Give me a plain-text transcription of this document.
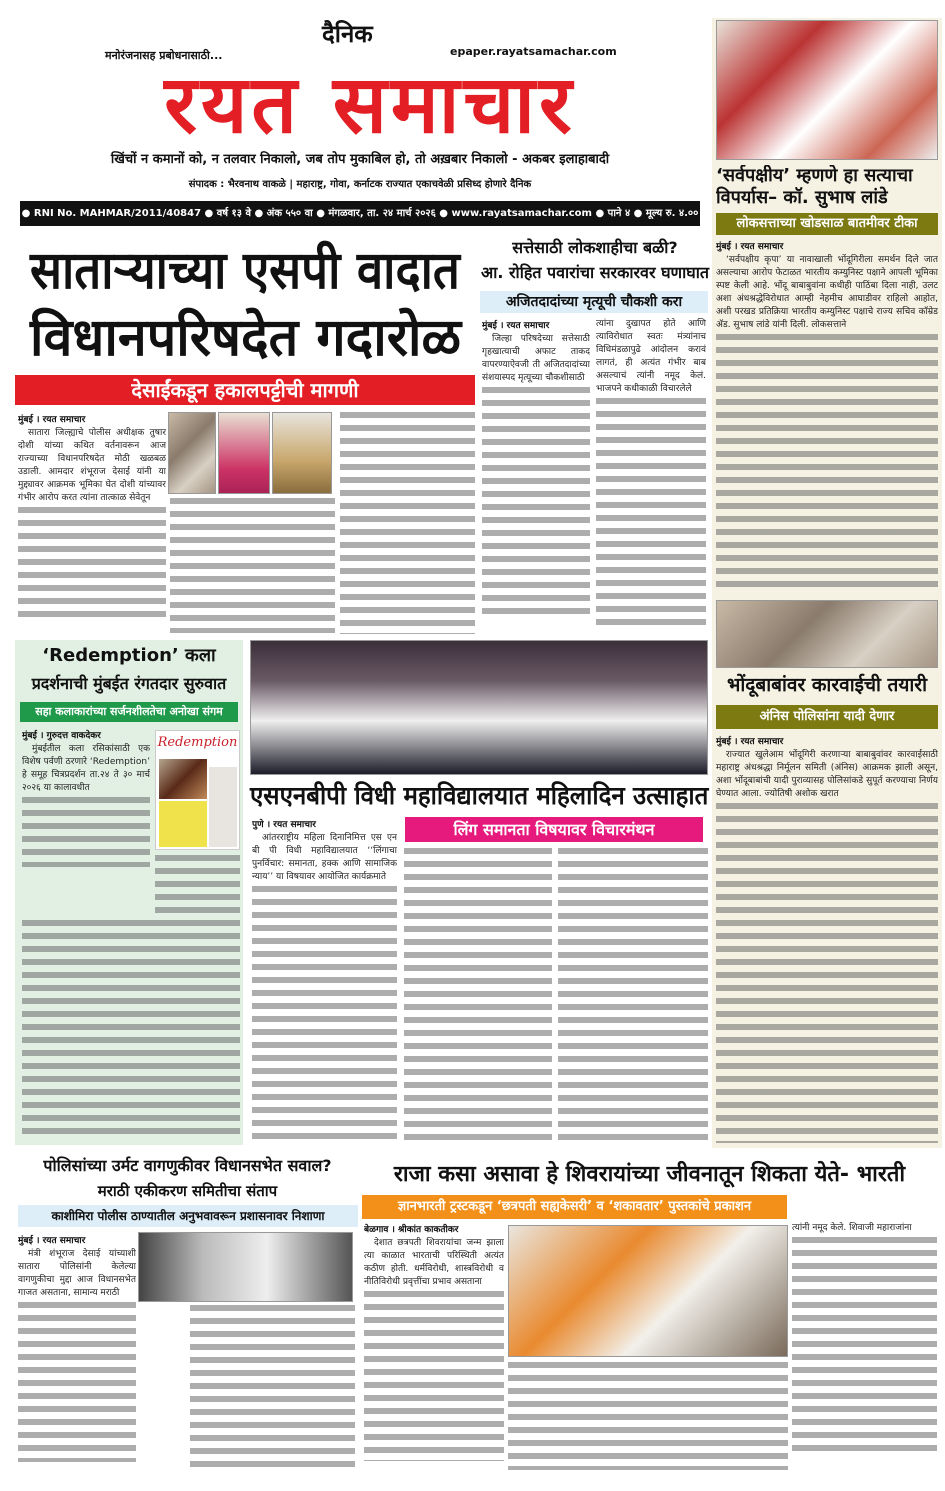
दैनिक
मनोरंजनासह प्रबोधनासाठी...	epaper.rayatsamachar.com
रयत समाचार
खिंचों न कमानों को, न तलवार निकालो, जब तोप मुकाबिल हो, तो अख़बार निकालो - अकबर इलाहाबादी
संपादक : भैरवनाथ वाकळे | महाराष्ट्र, गोवा, कर्नाटक राज्यात एकाचवेळी प्रसिध्द होणारे दैनिक
● RNI No. MAHMAR/2011/40847 ● वर्ष १३ वे ● अंक ५५० वा ● मंगळवार, ता. २४ मार्च २०२६ ● www.rayatsamachar.com ● पाने ४ ● मूल्य रु. ४.००
‘सर्वपक्षीय’ म्हणणे हा सत्याचा विपर्यास– कॉ. सुभाष लांडे
लोकसत्ताच्या खोडसाळ बातमीवर टीका
मुंबई । रयत समाचार
‘सर्वपक्षीय कृपा’ या नावाखाली भोंदूगिरीला समर्थन दिले जात असल्याचा आरोप फेटाळत भारतीय कम्युनिस्ट पक्षाने आपली भूमिका स्पष्ट केली आहे. भोंदू बाबाबुवांना कधीही पाठिंबा दिला नाही, उलट अशा अंधश्रद्धेविरोधात आम्ही नेहमीच आघाडीवर राहिलो आहोत, अशी परखड प्रतिक्रिया भारतीय कम्युनिस्ट पक्षाचे राज्य सचिव कॉम्रेड ॲड. सुभाष लांडे यांनी दिली. लोकसत्ताने
भोंदूबाबांवर कारवाईची तयारी
अंनिस पोलिसांना यादी देणार
मुंबई । रयत समाचार
राज्यात खुलेआम भोंदूगिरी करणाऱ्या बाबाबुवांवर कारवाईसाठी महाराष्ट्र अंधश्रद्धा निर्मूलन समिती (अंनिस) आक्रमक झाली असून, अशा भोंदूबाबांची यादी पुराव्यासह पोलिसांकडे सुपूर्त करण्याचा निर्णय घेण्यात आला. ज्योतिषी अशोक खरात
साताऱ्याच्या एसपी वादात
विधानपरिषदेत गदारोळ
देसाईंकडून हकालपट्टीची मागणी
मुंबई । रयत समाचार
सातारा जिल्ह्याचे पोलीस अधीक्षक तुषार दोशी यांच्या कथित वर्तनावरून आज राज्याच्या विधानपरिषदेत मोठी खळबळ उडाली. आमदार शंभूराज देसाई यांनी या मुद्द्यावर आक्रमक भूमिका घेत दोशी यांच्यावर गंभीर आरोप करत त्यांना तात्काळ सेवेतून
सत्तेसाठी लोकशाहीचा बळी?
आ. रोहित पवारांचा सरकारवर घणाघात
अजितदादांच्या मृत्यूची चौकशी करा
मुंबई । रयत समाचार
जिल्हा परिषदेच्या सत्तेसाठी गृहखात्याची अफाट ताकद वापरण्याऐवजी ती अजितदादांच्या संशयास्पद मृत्यूच्या चौकशीसाठी
त्यांना दुखापत होते आणि त्याविरोधात स्वतः मंत्र्यांनाच विधिमंडळापुढे आंदोलन करावं लागतं, ही अत्यंत गंभीर बाब असल्याचं त्यांनी नमूद केलं. भाजपने कधीकाळी विचारलेले
‘Redemption’ कला
प्रदर्शनाची मुंबईत रंगतदार सुरुवात
सहा कलाकारांच्या सर्जनशीलतेचा अनोखा संगम
मुंबई । गुरुदत्त वाकदेकर
मुंबईतील कला रसिकांसाठी एक विशेष पर्वणी ठरणारे ‘Redemption’ हे समूह चित्रप्रदर्शन ता.२४ ते ३० मार्च २०२६ या कालावधीत
Redemption
एसएनबीपी विधी महाविद्यालयात महिलादिन उत्साहात
लिंग समानता विषयावर विचारमंथन
पुणे । रयत समाचार
आंतरराष्ट्रीय महिला दिनानिमित्त एस एन बी पी विधी महाविद्यालयात ‘‘लिंगाचा पुनर्विचार: समानता, हक्क आणि सामाजिक न्याय’’ या विषयावर आयोजित कार्यक्रमाते
पोलिसांच्या उर्मट वागणुकीवर विधानसभेत सवाल?
मराठी एकीकरण समितीचा संताप
काशीमिरा पोलीस ठाण्यातील अनुभवावरून प्रशासनावर निशाणा
मुंबई । रयत समाचार
मंत्री शंभूराज देसाई यांच्याशी सातारा पोलिसांनी केलेल्या वागणुकीचा मुद्दा आज विधानसभेत गाजत असताना, सामान्य मराठी
राजा कसा असावा हे शिवरायांच्या जीवनातून शिकता येते- भारती
ज्ञानभारती ट्रस्टकडून ‘छत्रपती सह्यकेसरी’ व ‘शकावतार’ पुस्तकांचे प्रकाशन
बेळगाव । श्रीकांत काकतीकर
देशात छत्रपती शिवरायांचा जन्म झाला त्या काळात भारताची परिस्थिती अत्यंत कठीण होती. धर्मविरोधी, शास्त्रविरोधी व नीतिविरोधी प्रवृत्तींचा प्रभाव असताना
त्यांनी नमूद केले. शिवाजी महाराजांना
